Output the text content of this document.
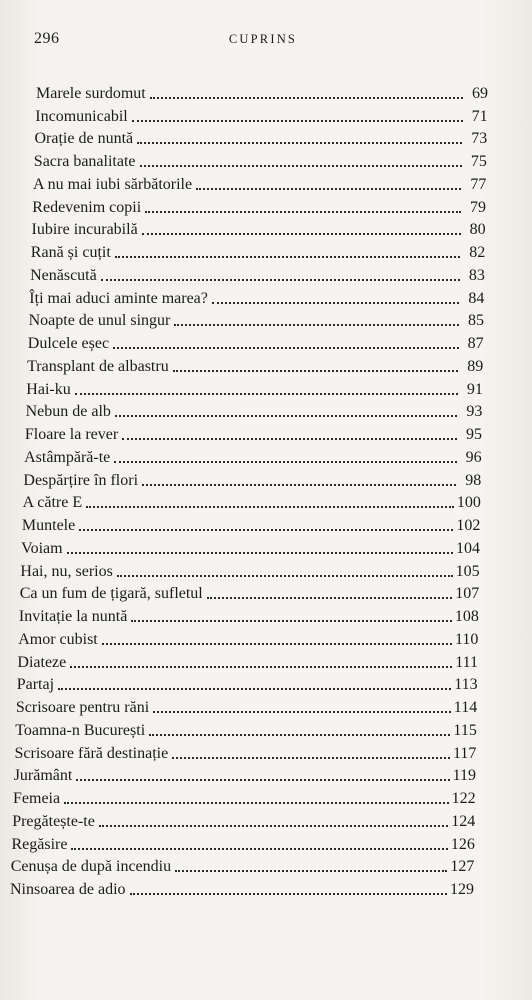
296	CUPRINS
Marele surdomut	69
Incomunicabil	71
Orație de nuntă	73
Sacra banalitate	75
A nu mai iubi sărbătorile	77
Redevenim copii	79
Iubire incurabilă	80
Rană și cuțit	82
Nenăscută	83
Îți mai aduci aminte marea?	84
Noapte de unul singur	85
Dulcele eșec	87
Transplant de albastru	89
Hai-ku	91
Nebun de alb	93
Floare la rever	95
Astâmpără-te	96
Despărțire în flori	98
A către E	100
Muntele	102
Voiam	104
Hai, nu, serios	105
Ca un fum de țigară, sufletul	107
Invitație la nuntă	108
Amor cubist	110
Diateze	111
Partaj	113
Scrisoare pentru răni	114
Toamna-n București	115
Scrisoare fără destinație	117
Jurământ	119
Femeia	122
Pregătește-te	124
Regăsire	126
Cenușa de după incendiu	127
Ninsoarea de adio	129
